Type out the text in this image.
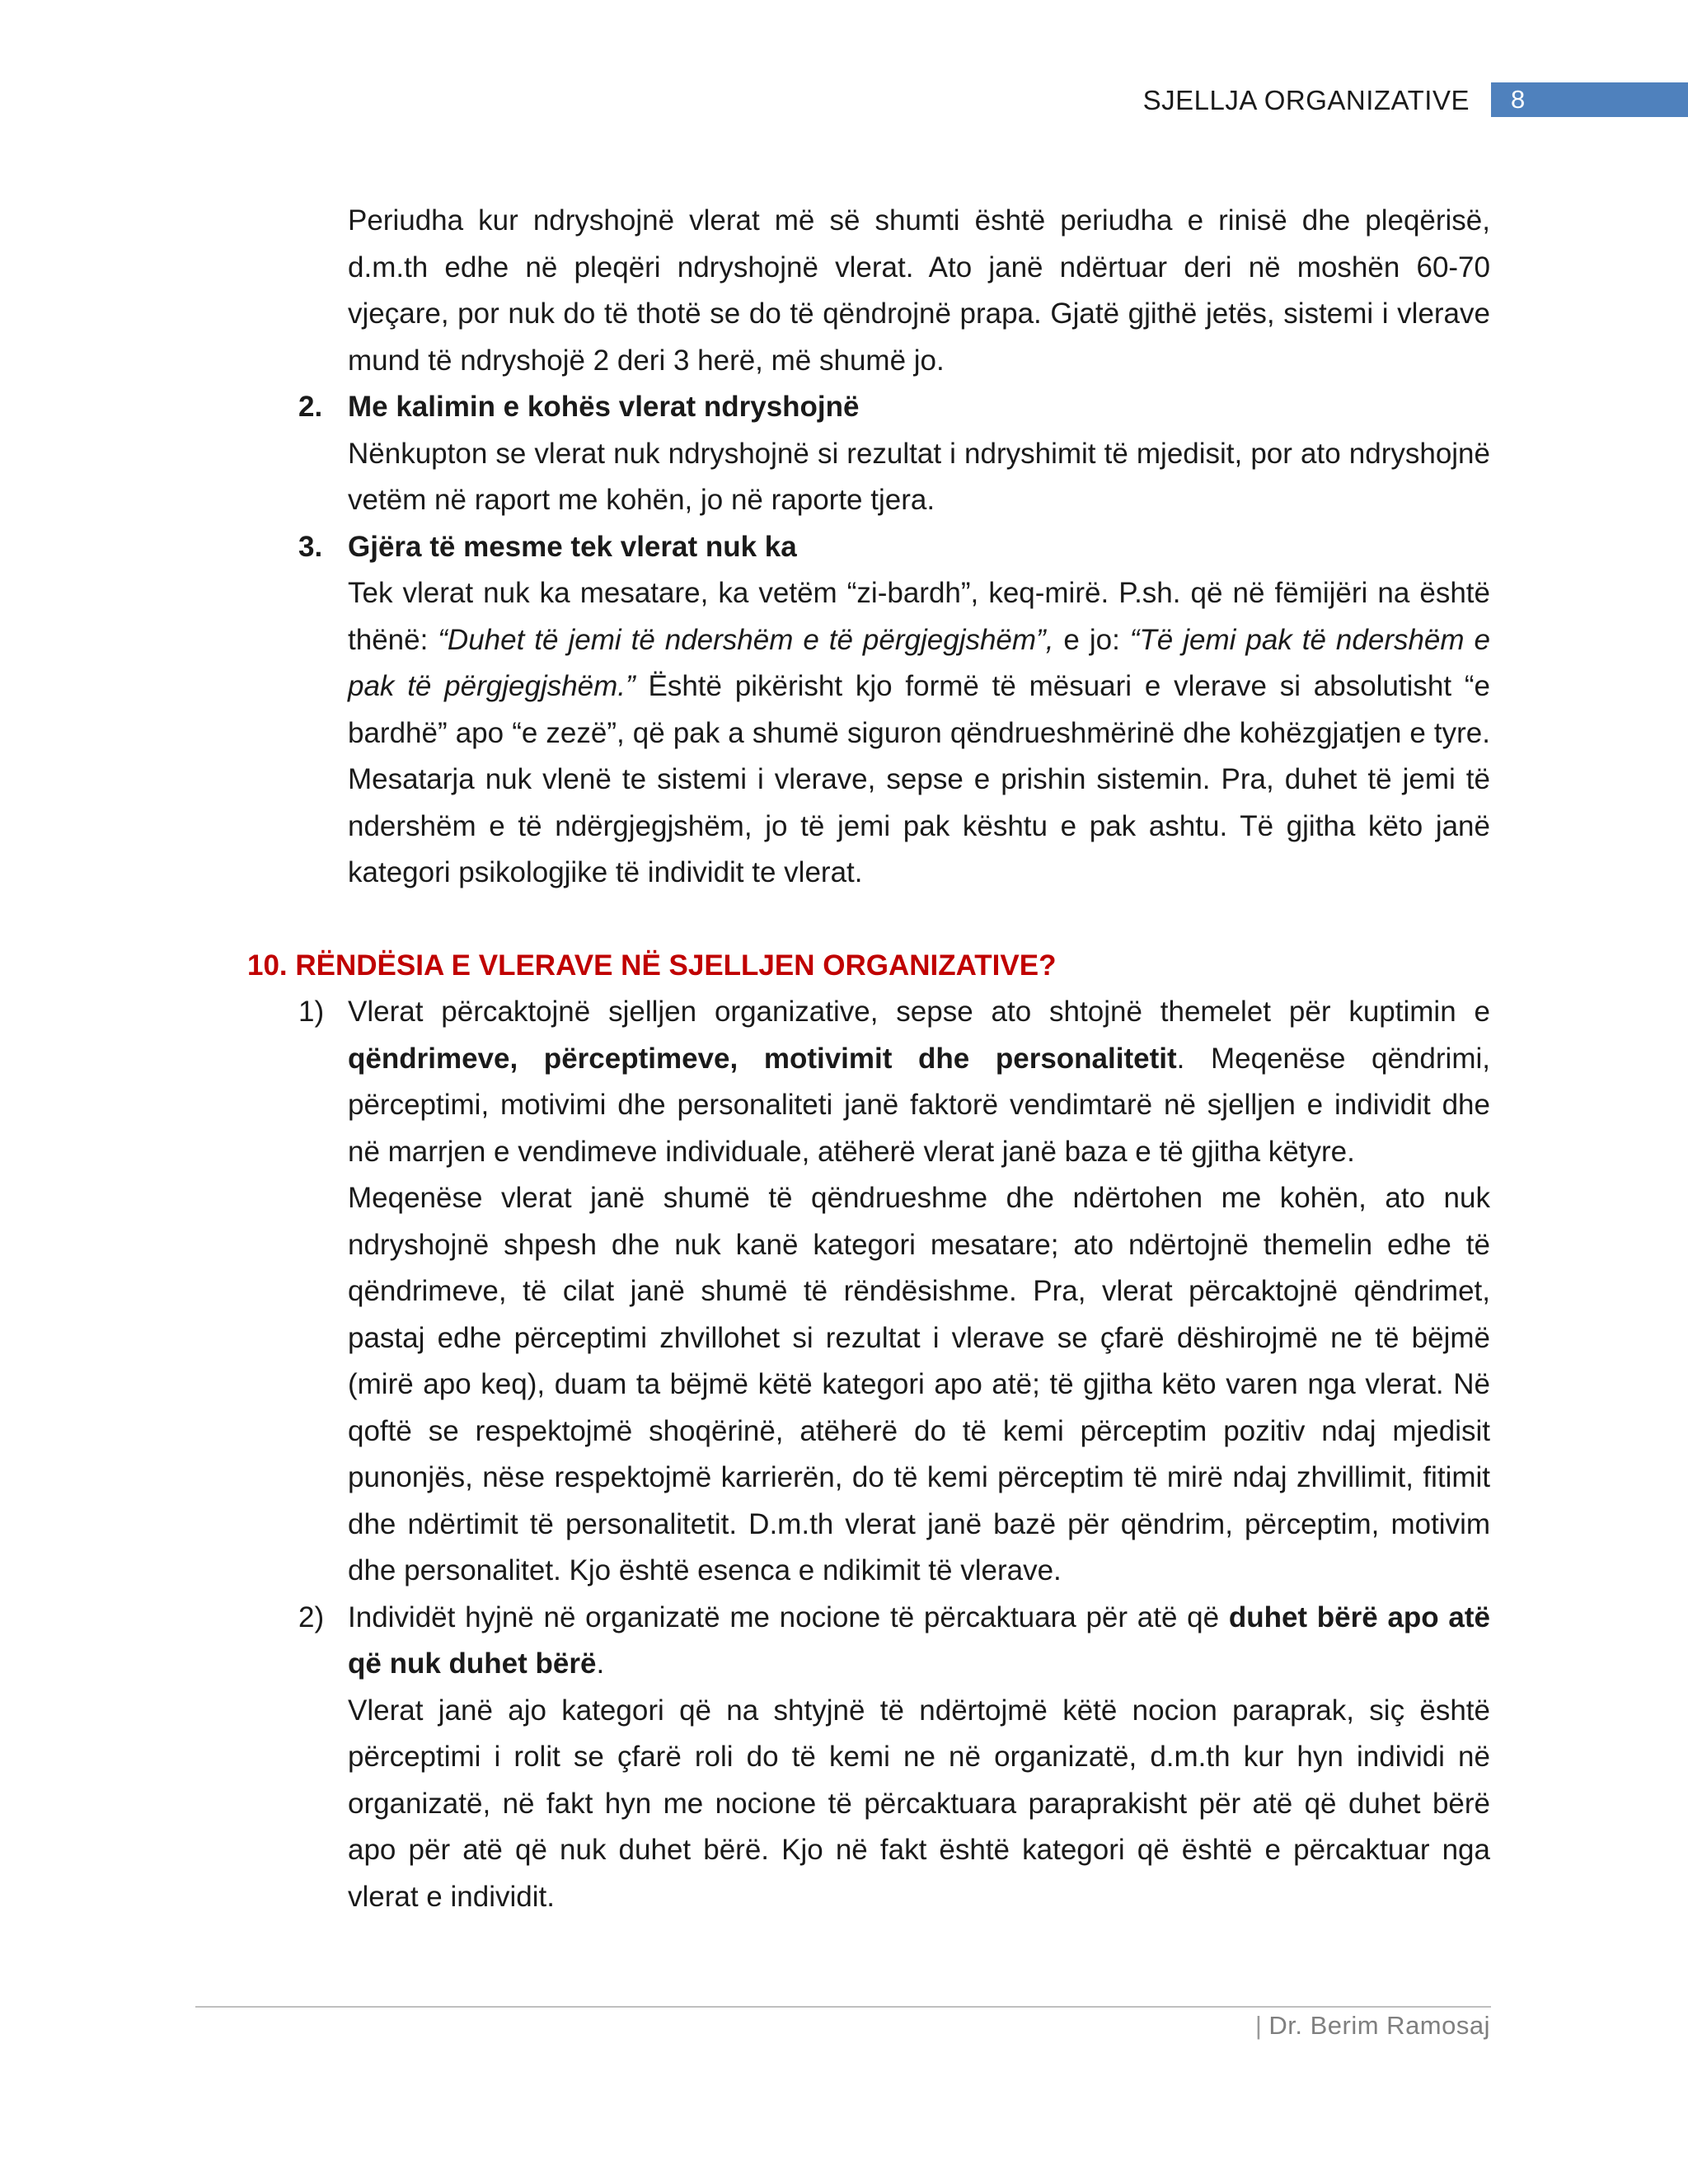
SJELLJA ORGANIZATIVE	8

Periudha kur ndryshojnë vlerat më së shumti është periudha e rinisë dhe pleqërisë, d.m.th edhe në pleqëri ndryshojnë vlerat. Ato janë ndërtuar deri në moshën 60-70 vjeçare, por nuk do të thotë se do të qëndrojnë prapa. Gjatë gjithë jetës, sistemi i vlerave mund të ndryshojë 2 deri 3 herë, më shumë jo.

2. Me kalimin e kohës vlerat ndryshojnë

Nënkupton se vlerat nuk ndryshojnë si rezultat i ndryshimit të mjedisit, por ato ndryshojnë vetëm në raport me kohën, jo në raporte tjera.

3. Gjëra të mesme tek vlerat nuk ka

Tek vlerat nuk ka mesatare, ka vetëm “zi-bardh”, keq-mirë. P.sh. që në fëmijëri na është thënë: “Duhet të jemi të ndershëm e të përgjegjshëm”, e jo: “Të jemi pak të ndershëm e pak të përgjegjshëm.” Është pikërisht kjo formë të mësuari e vlerave si absolutisht “e bardhë” apo “e zezë”, që pak a shumë siguron qëndrueshmërinë dhe kohëzgjatjen e tyre. Mesatarja nuk vlenë te sistemi i vlerave, sepse e prishin sistemin. Pra, duhet të jemi të ndershëm e të ndërgjegjshëm, jo të jemi pak kështu e pak ashtu. Të gjitha këto janë kategori psikologjike të individit te vlerat.

10. RËNDËSIA E VLERAVE NË SJELLJEN ORGANIZATIVE?

1) Vlerat përcaktojnë sjelljen organizative, sepse ato shtojnë themelet për kuptimin e qëndrimeve, përceptimeve, motivimit dhe personalitetit. Meqenëse qëndrimi, përceptimi, motivimi dhe personaliteti janë faktorë vendimtarë në sjelljen e individit dhe në marrjen e vendimeve individuale, atëherë vlerat janë baza e të gjitha këtyre.

Meqenëse vlerat janë shumë të qëndrueshme dhe ndërtohen me kohën, ato nuk ndryshojnë shpesh dhe nuk kanë kategori mesatare; ato ndërtojnë themelin edhe të qëndrimeve, të cilat janë shumë të rëndësishme. Pra, vlerat përcaktojnë qëndrimet, pastaj edhe përceptimi zhvillohet si rezultat i vlerave se çfarë dëshirojmë ne të bëjmë (mirë apo keq), duam ta bëjmë këtë kategori apo atë; të gjitha këto varen nga vlerat. Në qoftë se respektojmë shoqërinë, atëherë do të kemi përceptim pozitiv ndaj mjedisit punonjës, nëse respektojmë karrierën, do të kemi përceptim të mirë ndaj zhvillimit, fitimit dhe ndërtimit të personalitetit. D.m.th vlerat janë bazë për qëndrim, përceptim, motivim dhe personalitet. Kjo është esenca e ndikimit të vlerave.

2) Individët hyjnë në organizatë me nocione të përcaktuara për atë që duhet bërë apo atë që nuk duhet bërë.

Vlerat janë ajo kategori që na shtyjnë të ndërtojmë këtë nocion paraprak, siç është përceptimi i rolit se çfarë roli do të kemi ne në organizatë, d.m.th kur hyn individi në organizatë, në fakt hyn me nocione të përcaktuara paraprakisht për atë që duhet bërë apo për atë që nuk duhet bërë. Kjo në fakt është kategori që është e përcaktuar nga vlerat e individit.

| Dr. Berim Ramosaj
